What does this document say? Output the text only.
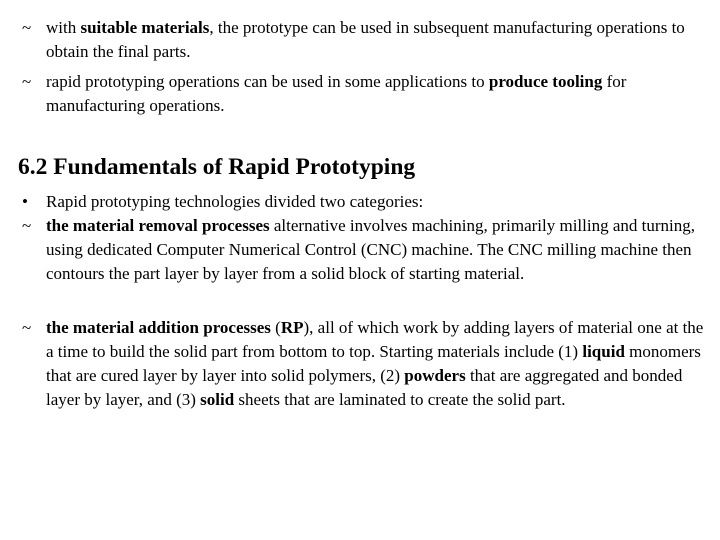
~ with suitable materials, the prototype can be used in subsequent manufacturing operations to obtain the final parts.
~ rapid prototyping operations can be used in some applications to produce tooling for manufacturing operations.
6.2 Fundamentals of Rapid Prototyping
•	Rapid prototyping technologies divided two categories:
~ the material removal processes alternative involves machining, primarily milling and turning, using dedicated Computer Numerical Control (CNC) machine. The CNC milling machine then contours the part layer by layer from a solid block of starting material.
~ the material addition processes (RP), all of which work by adding layers of material one at the a time to build the solid part from bottom to top. Starting materials include (1) liquid monomers that are cured layer by layer into solid polymers, (2) powders that are aggregated and bonded layer by layer, and (3) solid sheets that are laminated to create the solid part.
